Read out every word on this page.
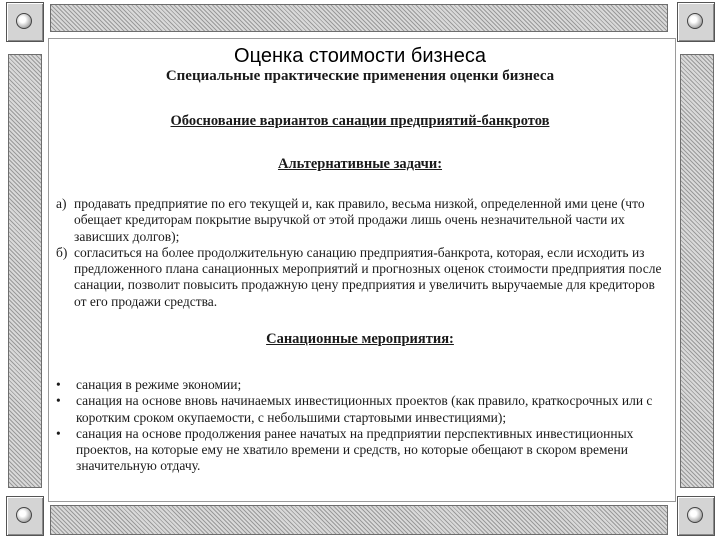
Оценка стоимости бизнеса
Специальные практические применения оценки бизнеса
Обоснование вариантов санации предприятий-банкротов
Альтернативные задачи:
а) продавать предприятие по его текущей и, как правило, весьма низкой, определенной ими цене (что обещает кредиторам покрытие выручкой от этой продажи лишь очень незначительной части их зависших долгов);
б) согласиться на более продолжительную санацию предприятия-банкрота, которая, если исходить из предложенного плана санационных мероприятий и прогнозных оценок стоимости предприятия после санации, позволит повысить продажную цену предприятия и увеличить выручаемые для кредиторов от его продажи средства.
Санационные мероприятия:
• санация в режиме экономии;
• санация на основе вновь начинаемых инвестиционных проектов (как правило, краткосрочных или с коротким сроком окупаемости, с небольшими стартовыми инвестициями);
• санация на основе продолжения ранее начатых на предприятии перспективных инвестиционных проектов, на которые ему не хватило времени и средств, но которые обещают в скором времени значительную отдачу.
